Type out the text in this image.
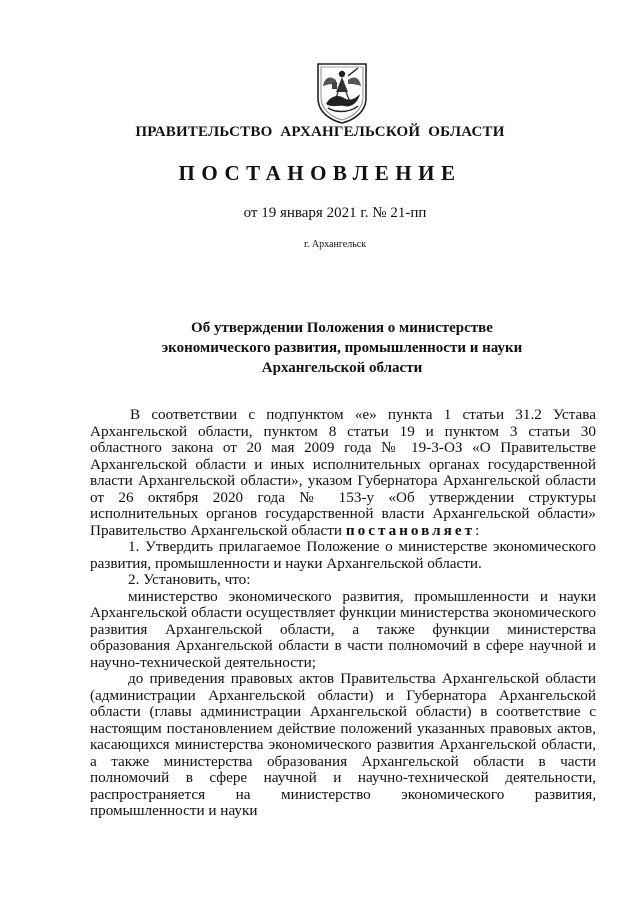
ПРАВИТЕЛЬСТВО АРХАНГЕЛЬСКОЙ ОБЛАСТИ
ПОСТАНОВЛЕНИЕ
от 19 января 2021 г. № 21-пп
г. Архангельск
Об утверждении Положения о министерстве
экономического развития, промышленности и науки
Архангельской области

В соответствии с подпунктом «е» пункта 1 статьи 31.2 Устава Архангельской области, пунктом 8 статьи 19 и пунктом 3 статьи 30 областного закона от 20 мая 2009 года № 19-3-ОЗ «О Правительстве Архангельской области и иных исполнительных органах государственной власти Архангельской области», указом Губернатора Архангельской области от 26 октября 2020 года № 153-у «Об утверждении структуры исполнительных органов государственной власти Архангельской области» Правительство Архангельской области постановляет:

1. Утвердить прилагаемое Положение о министерстве экономического развития, промышленности и науки Архангельской области.

2. Установить, что:

министерство экономического развития, промышленности и науки Архангельской области осуществляет функции министерства экономического развития Архангельской области, а также функции министерства образования Архангельской области в части полномочий в сфере научной и научно-технической деятельности;

до приведения правовых актов Правительства Архангельской области (администрации Архангельской области) и Губернатора Архангельской области (главы администрации Архангельской области) в соответствие с настоящим постановлением действие положений указанных правовых актов, касающихся министерства экономического развития Архангельской области, а также министерства образования Архангельской области в части полномочий в сфере научной и научно-технической деятельности, распространяется на министерство экономического развития, промышленности и науки
